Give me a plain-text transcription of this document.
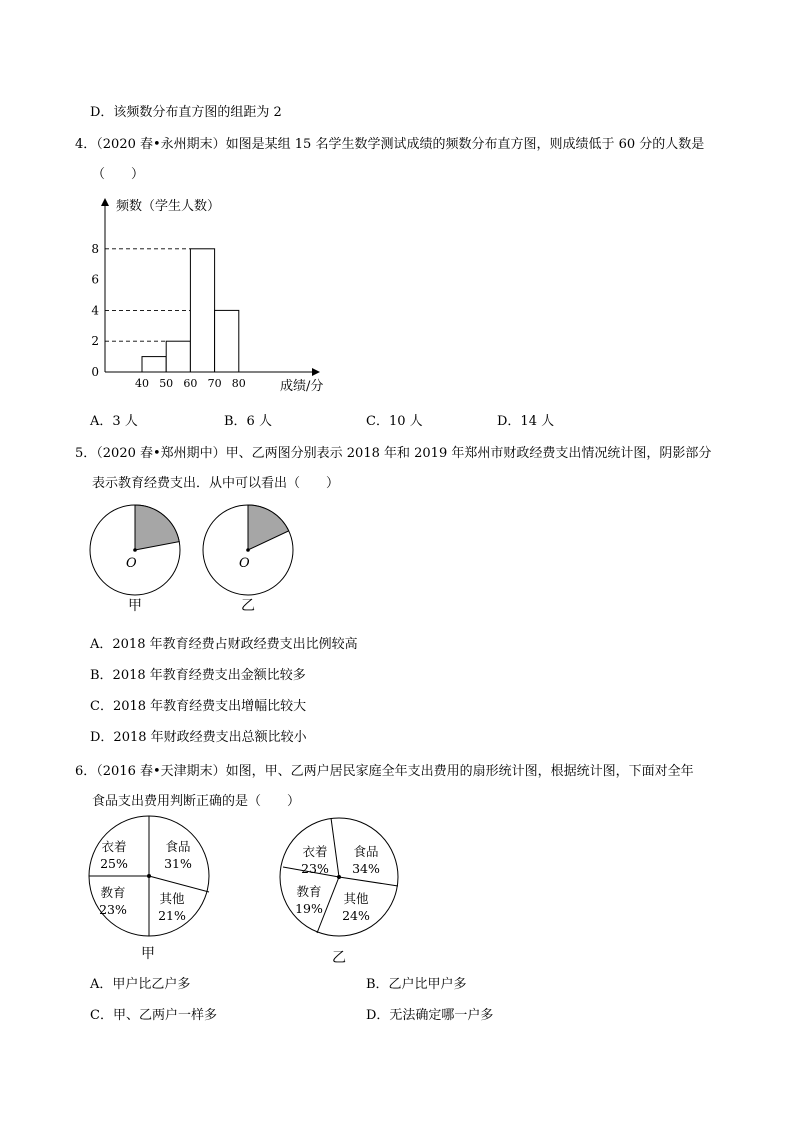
D．该频数分布直方图的组距为 2
4．（2020 春•永州期末）如图是某组 15 名学生数学测试成绩的频数分布直方图，则成绩低于 60 分的人数是
（　　）
频数（学生人数）
成绩/分
0
2
4
6
8
40 50 60 70 80
A．3 人	B．6 人	C．10 人	D．14 人
5．（2020 春•郑州期中）甲、乙两图分别表示 2018 年和 2019 年郑州市财政经费支出情况统计图，阴影部分
表示教育经费支出．从中可以看出（　　）
O	O
甲	乙
A．2018 年教育经费占财政经费支出比例较高
B．2018 年教育经费支出金额比较多
C．2018 年教育经费支出增幅比较大
D．2018 年财政经费支出总额比较小
6．（2016 春•天津期末）如图，甲、乙两户居民家庭全年支出费用的扇形统计图，根据统计图，下面对全年
食品支出费用判断正确的是（　　）
衣着
25%
食品
31%
其他
21%
教育
23%
衣着
23%
食品
34%
其他
24%
教育
19%
甲	乙
A．甲户比乙户多	B．乙户比甲户多
C．甲、乙两户一样多	D．无法确定哪一户多
